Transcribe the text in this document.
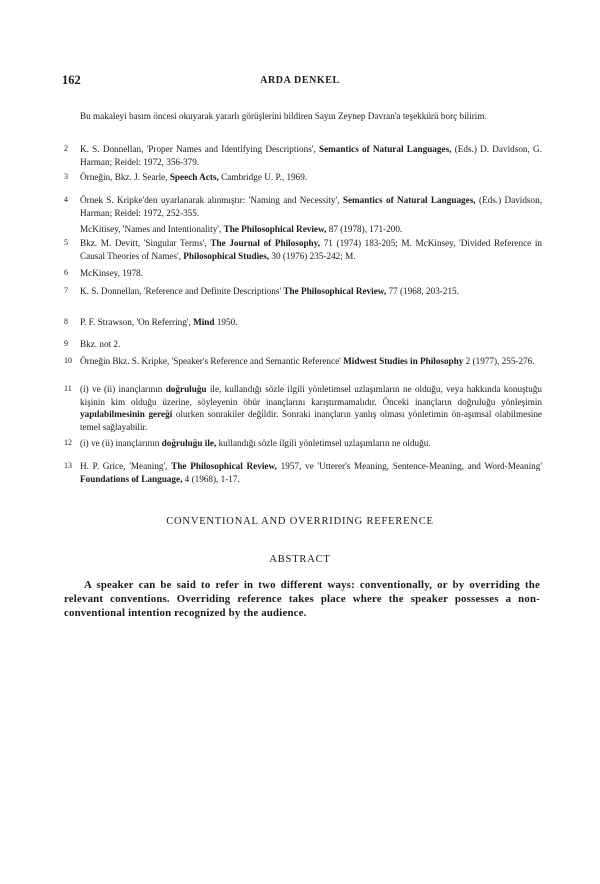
162	ARDA DENKEL
Bu makaleyi basım öncesi okuyarak yararlı görüşlerini bildiren Sayın Zeynep Davran'a teşekkürü borç bilirim.
2	K. S. Donnellan, 'Proper Names and Identifying Descriptions', Semantics of Natural Languages, (Eds.) D. Davidson, G. Harman; Reidel: 1972, 356-379.
3	Örneğin, Bkz. J. Searle, Speech Acts, Cambridge U. P., 1969.
4	Örnek S. Kripke'den uyarlanarak alınmıştır: 'Naming and Necessity', Semantics of Natural Languages, (Eds.) Davidson, Harman; Reidel: 1972, 252-355.
McKitisey, 'Names and Intentionality', The Philosophical Review, 87 (1978), 171-200.
5	Bkz. M. Devitt, 'Singular Terms', The Journal of Philosophy, 71 (1974) 183-205; M. McKinsey, 'Divided Reference in Causal Theories of Names', Philosophical Studies, 30 (1976) 235-242; M.
6	McKinsey, 1978.
7	K. S. Donnellan, 'Reference and Definite Descriptions' The Philosophical Review, 77 (1968, 203-215.
8	P. F. Strawson, 'On Referring', Mind 1950.
9	Bkz. not 2.
10 Örneğin Bkz. S. Kripke, 'Speaker's Reference and Semantic Reference' Midwest Studies in Philosophy 2 (1977), 255-276.
11 (i) ve (ii) inançlarının doğruluğu ile, kullandığı sözle ilgili yönletimsel uzlaşımların ne olduğu, veya hakkında konuştuğu kişinin kim olduğu üzerine, söyleyenin öbür inançlarını karıştırmamalıdır. Önceki inançların doğruluğu yönleşimin yapılabilmesinin gereği olurken sonrakiler değildir. Sonraki inançların yanlış olması yönletimin ön-aşımsal olabilmesine temel sağlayabilir.
12 (i) ve (ii) inançlarının doğruluğu ile, kullandığı sözle ilgili yönletimsel uzlaşımların ne olduğu.
13 H. P. Grice, 'Meaning', The Philosophical Review, 1957, ve 'Utterer's Meaning, Sentence-Meaning, and Word-Meaning' Foundations of Language, 4 (1968), 1-17.
CONVENTIONAL AND OVERRIDING REFERENCE
ABSTRACT
A speaker can be said to refer in two different ways: conventionally, or by overriding the relevant conventions. Overriding reference takes place where the speaker possesses a non-conventional intention recognized by the audience.
